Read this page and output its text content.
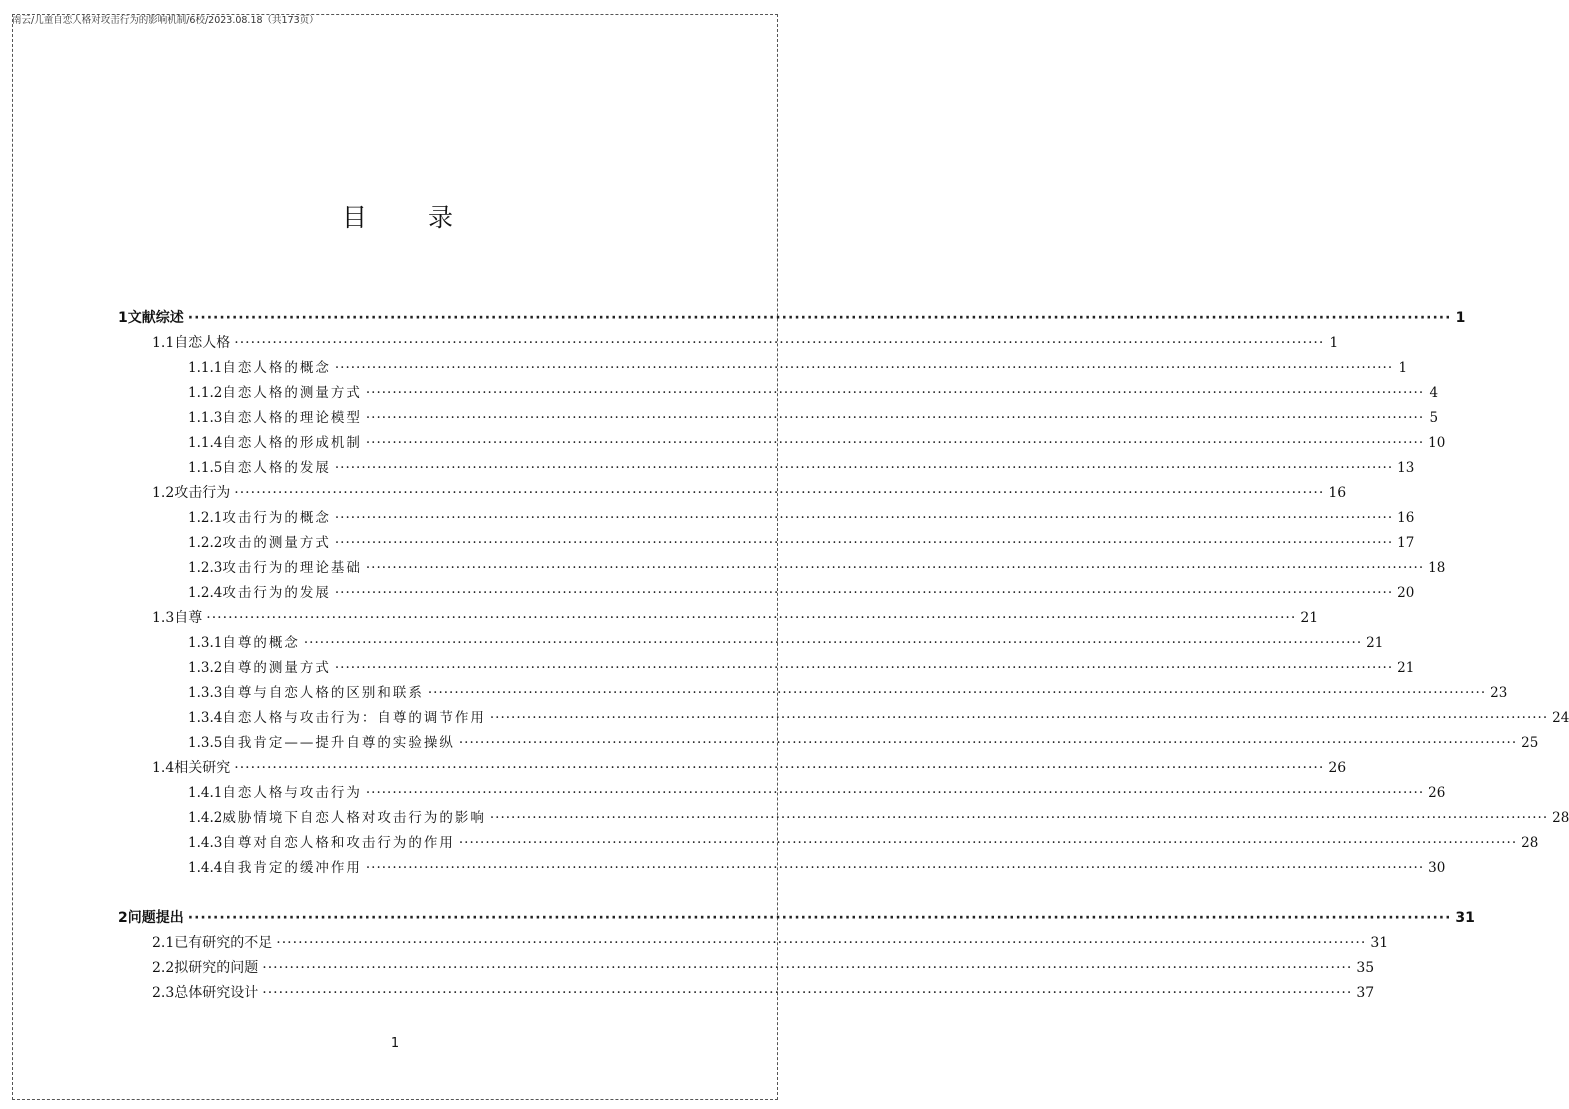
南云/儿童自恋人格对攻击行为的影响机制/6校/2023.08.18（共173页）
目 录
1 文献综述 ········································································································································································································ 1
1.1 自恋人格 ········································································································································································································ 1
1.1.1 自恋人格的概念 ········································································································································································································ 1
1.1.2 自恋人格的测量方式 ········································································································································································································ 4
1.1.3 自恋人格的理论模型 ········································································································································································································ 5
1.1.4 自恋人格的形成机制 ········································································································································································································ 10
1.1.5 自恋人格的发展 ········································································································································································································ 13
1.2 攻击行为 ········································································································································································································ 16
1.2.1 攻击行为的概念 ········································································································································································································ 16
1.2.2 攻击的测量方式 ········································································································································································································ 17
1.2.3 攻击行为的理论基础 ········································································································································································································ 18
1.2.4 攻击行为的发展 ········································································································································································································ 20
1.3 自尊 ········································································································································································································ 21
1.3.1 自尊的概念 ········································································································································································································ 21
1.3.2 自尊的测量方式 ········································································································································································································ 21
1.3.3 自尊与自恋人格的区别和联系 ········································································································································································································ 23
1.3.4 自恋人格与攻击行为：自尊的调节作用 ········································································································································································································ 24
1.3.5 自我肯定——提升自尊的实验操纵 ········································································································································································································ 25
1.4 相关研究 ········································································································································································································ 26
1.4.1 自恋人格与攻击行为 ········································································································································································································ 26
1.4.2 威胁情境下自恋人格对攻击行为的影响 ········································································································································································································ 28
1.4.3 自尊对自恋人格和攻击行为的作用 ········································································································································································································ 28
1.4.4 自我肯定的缓冲作用 ········································································································································································································ 30
2 问题提出 ········································································································································································································ 31
2.1 已有研究的不足 ········································································································································································································ 31
2.2 拟研究的问题 ········································································································································································································ 35
2.3 总体研究设计 ········································································································································································································ 37
1
